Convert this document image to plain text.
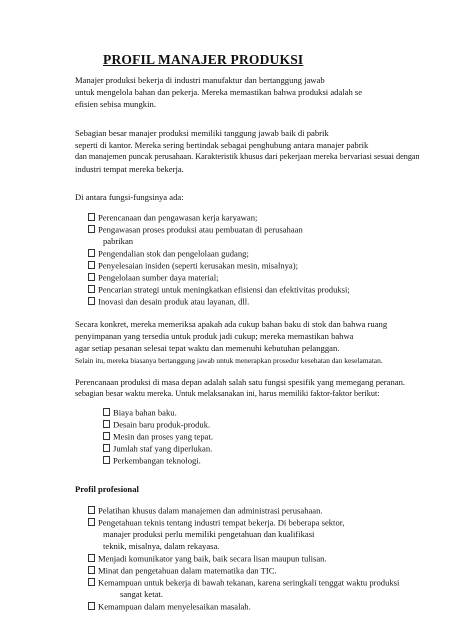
PROFIL MANAJER PRODUKSI
Manajer produksi bekerja di industri manufaktur dan bertanggung jawab
untuk mengelola bahan dan pekerja. Mereka memastikan bahwa produksi adalah se
efisien sebisa mungkin.
Sebagian besar manajer produksi memiliki tanggung jawab baik di pabrik
seperti di kantor. Mereka sering bertindak sebagai penghubung antara manajer pabrik
dan manajemen puncak perusahaan. Karakteristik khusus dari pekerjaan mereka bervariasi sesuai dengan
industri tempat mereka bekerja.
Di antara fungsi-fungsinya ada:
Perencanaan dan pengawasan kerja karyawan;
Pengawasan proses produksi atau pembuatan di perusahaan
pabrikan
Pengendalian stok dan pengelolaan gudang;
Penyelesaian insiden (seperti kerusakan mesin, misalnya);
Pengelolaan sumber daya material;
Pencarian strategi untuk meningkatkan efisiensi dan efektivitas produksi;
Inovasi dan desain produk atau layanan, dll.
Secara konkret, mereka memeriksa apakah ada cukup bahan baku di stok dan bahwa ruang
penyimpanan yang tersedia untuk produk jadi cukup; mereka memastikan bahwa
agar setiap pesanan selesai tepat waktu dan memenuhi kebutuhan pelanggan.
Selain itu, mereka biasanya bertanggung jawab untuk menerapkan prosedur kesehatan dan keselamatan.
Perencanaan produksi di masa depan adalah salah satu fungsi spesifik yang memegang peranan.
sebagian besar waktu mereka. Untuk melaksanakan ini, harus memiliki faktor-faktor berikut:
Biaya bahan baku.
Desain baru produk-produk.
Mesin dan proses yang tepat.
Jumlah staf yang diperlukan.
Perkembangan teknologi.
Profil profesional
Pelatihan khusus dalam manajemen dan administrasi perusahaan.
Pengetahuan teknis tentang industri tempat bekerja. Di beberapa sektor,
manajer produksi perlu memiliki pengetahuan dan kualifikasi
teknik, misalnya, dalam rekayasa.
Menjadi komunikator yang baik, baik secara lisan maupun tulisan.
Minat dan pengetahuan dalam matematika dan TIC.
Kemampuan untuk bekerja di bawah tekanan, karena seringkali tenggat waktu produksi
sangat ketat.
Kemampuan dalam menyelesaikan masalah.
